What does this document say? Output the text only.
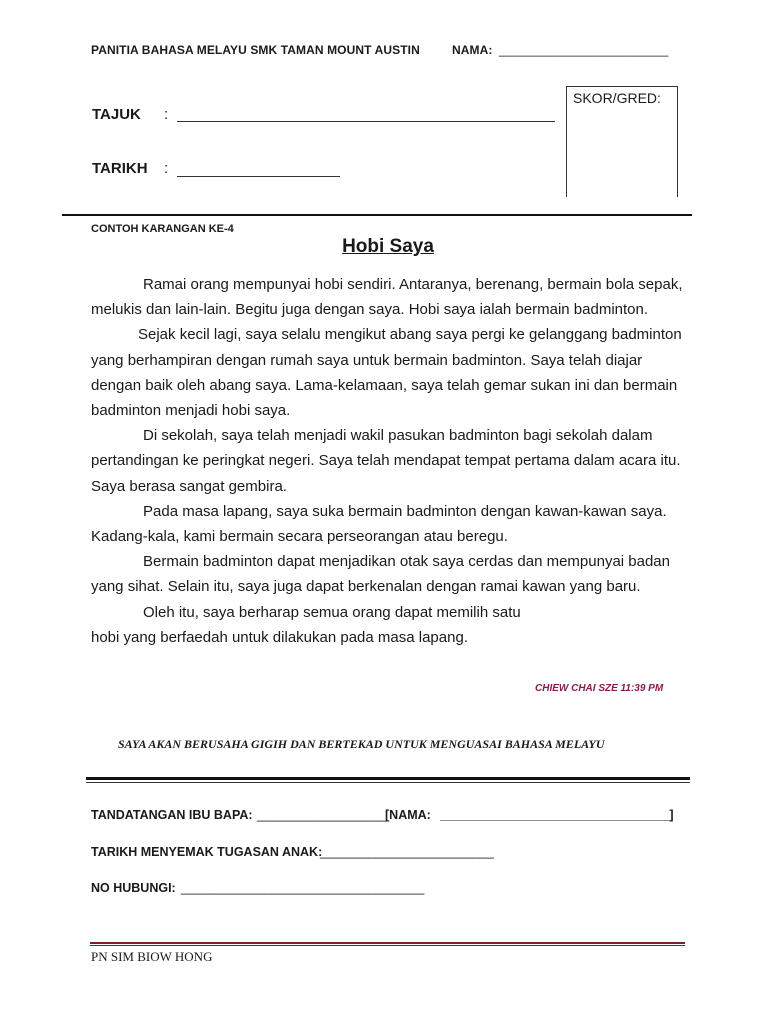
PANITIA BAHASA MELAYU SMK TAMAN MOUNT AUSTIN	NAMA: _________________________
TAJUK :
TARIKH :
SKOR/GRED:
CONTOH KARANGAN KE-4
Hobi Saya

Ramai orang mempunyai hobi sendiri. Antaranya, berenang, bermain bola sepak, melukis dan lain-lain. Begitu juga dengan saya. Hobi saya ialah bermain badminton.

Sejak kecil lagi, saya selalu mengikut abang saya pergi ke gelanggang badminton yang berhampiran dengan rumah saya untuk bermain badminton. Saya telah diajar dengan baik oleh abang saya. Lama-kelamaan, saya telah gemar sukan ini dan bermain badminton menjadi hobi saya.

Di sekolah, saya telah menjadi wakil pasukan badminton bagi sekolah dalam pertandingan ke peringkat negeri. Saya telah mendapat tempat pertama dalam acara itu. Saya berasa sangat gembira.

Pada masa lapang, saya suka bermain badminton dengan kawan-kawan saya. Kadang-kala, kami bermain secara perseorangan atau beregu.

Bermain badminton dapat menjadikan otak saya cerdas dan mempunyai badan yang sihat. Selain itu, saya juga dapat berkenalan dengan ramai kawan yang baru.

Oleh itu, saya berharap semua orang dapat memilih satu hobi yang berfaedah untuk dilakukan pada masa lapang.

CHIEW CHAI SZE 11:39 PM
SAYA AKAN BERUSAHA GIGIH DAN BERTEKAD UNTUK MENGUASAI BAHASA MELAYU
TANDATANGAN IBU BAPA: ___________________
[NAMA: _________________________________]
TARIKH MENYEMAK TUGASAN ANAK:
_________________________
NO HUBUNGI: ___________________________________
PN SIM BIOW HONG
